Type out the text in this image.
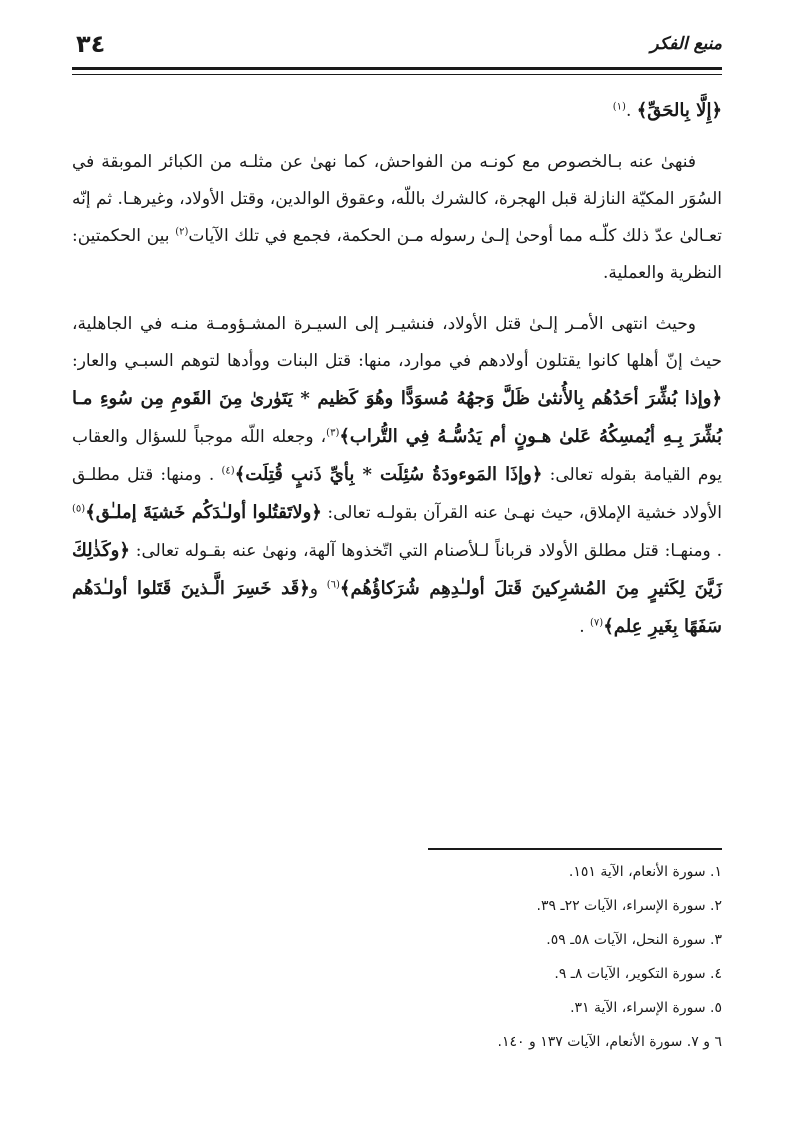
٣٤	منبع الفكر

﴿إِلَّا بِالحَقِّ﴾ .$^{(١)}$

فنهىٰ عنه بـالخصوص مع كونـه من الفواحش، كما نهىٰ عن مثلـه من الكبائر الموبقة في السُوَر المكيّة النازلة قبل الهجرة، كالشرك باللّه، وعقوق الوالدين، وقتل الأولاد، وغيرهـا. ثم إنّه تعـالىٰ عدّ ذلك كلّـه مما أوحىٰ إلـىٰ رسوله مـن الحكمة، فجمع في تلك الآيات$^{(٢)}$ بين الحكمتين: النظرية والعملية.

وحيث انتهى الأمـر إلـىٰ قتل الأولاد، فنشيـر إلى السيـرة المشـؤومـة منـه في الجاهلية، حيث إنّ أهلها كانوا يقتلون أولادهم في موارد، منها: قتل البنات ووأدها لتوهم السبـي والعار: ﴿وإذا بُشِّرَ أحَدُهُم بِالأُنثىٰ ظَلَّ وَجهُهُ مُسوَدًّا وهُوَ كَظيم * يَتَوٰرىٰ مِنَ القَومِ مِن سُوءِ مـا بُشِّرَ بِـهِ أيُمسِكُهُ عَلىٰ هـونٍ أم يَدُسُّـهُ فِي التُّراب﴾$^{(٣)}$، وجعله اللّه موجباً للسؤال والعقاب يوم القيامة بقوله تعالى: ﴿وإذَا المَوءودَةُ سُئِلَت * بِأيِّ ذَنبٍ قُتِلَت﴾$^{(٤)}$ . ومنها: قتل مطلـق الأولاد خشية الإملاق، حيث نهـىٰ عنه القرآن بقولـه تعالى: ﴿ولاتَقتُلوا أولـٰدَكُم خَشيَةَ إملـٰق﴾$^{(٥)}$ . ومنهـا: قتل مطلق الأولاد قرباناً لـلأصنام التي اتّخذوها آلهة، ونهىٰ عنه بقـوله تعالى: ﴿وكَذٰلِكَ زَيَّنَ لِكَثيرٍ مِنَ المُشرِكينَ قَتلَ أولـٰدِهِم شُرَكاؤُهُم﴾$^{(٦)}$ و﴿قَد خَسِرَ الَّـذينَ قَتَلوا أولـٰدَهُم سَفَهًا بِغَيرِ عِلم﴾$^{(٧)}$ .

١. سورة الأنعام، الآية ١٥١.
٢. سورة الإسراء، الآيات ٢٢ـ ٣٩.
٣. سورة النحل، الآيات ٥٨ـ ٥٩.
٤. سورة التكوير، الآيات ٨ـ ٩.
٥. سورة الإسراء، الآية ٣١.
٦ و ٧. سورة الأنعام، الآيات ١٣٧ و ١٤٠.
